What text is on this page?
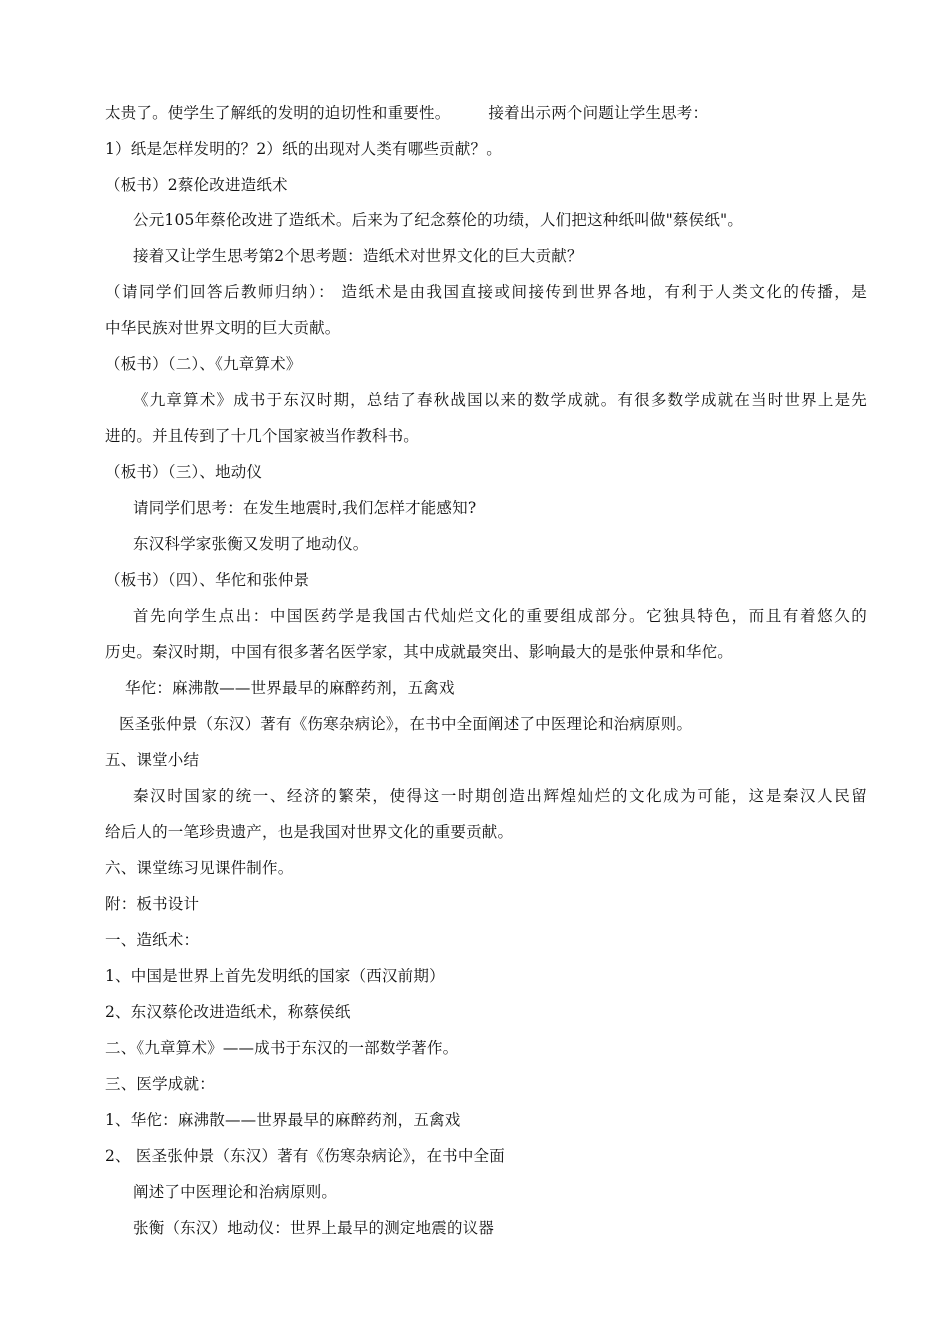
太贵了。使学生了解纸的发明的迫切性和重要性。 接着出示两个问题让学生思考：
1）纸是怎样发明的？2）纸的出现对人类有哪些贡献？。
（板书）2蔡伦改进造纸术
公元105年蔡伦改进了造纸术。后来为了纪念蔡伦的功绩，人们把这种纸叫做"蔡侯纸"。
接着又让学生思考第2个思考题：造纸术对世界文化的巨大贡献？
（请同学们回答后教师归纳）： 造纸术是由我国直接或间接传到世界各地，有利于人类文化的传播，是
中华民族对世界文明的巨大贡献。
（板书）（二）、《九章算术》
《九章算术》成书于东汉时期，总结了春秋战国以来的数学成就。有很多数学成就在当时世界上是先
进的。并且传到了十几个国家被当作教科书。
（板书）（三）、地动仪
请同学们思考：在发生地震时,我们怎样才能感知?
东汉科学家张衡又发明了地动仪。
（板书）（四）、华佗和张仲景
首先向学生点出：中国医药学是我国古代灿烂文化的重要组成部分。它独具特色，而且有着悠久的
历史。秦汉时期，中国有很多著名医学家，其中成就最突出、影响最大的是张仲景和华佗。
华佗：麻沸散——世界最早的麻醉药剂，五禽戏
医圣张仲景（东汉）著有《伤寒杂病论》，在书中全面阐述了中医理论和治病原则。
五、课堂小结
秦汉时国家的统一、经济的繁荣，使得这一时期创造出辉煌灿烂的文化成为可能，这是秦汉人民留
给后人的一笔珍贵遗产，也是我国对世界文化的重要贡献。
六、课堂练习见课件制作。
附：板书设计
一、造纸术：
1、中国是世界上首先发明纸的国家（西汉前期）
2、东汉蔡伦改进造纸术，称蔡侯纸
二、《九章算术》——成书于东汉的一部数学著作。
三、医学成就：
1、华佗：麻沸散——世界最早的麻醉药剂，五禽戏
2、 医圣张仲景（东汉）著有《伤寒杂病论》，在书中全面
阐述了中医理论和治病原则。
张衡（东汉）地动仪：世界上最早的测定地震的议器
